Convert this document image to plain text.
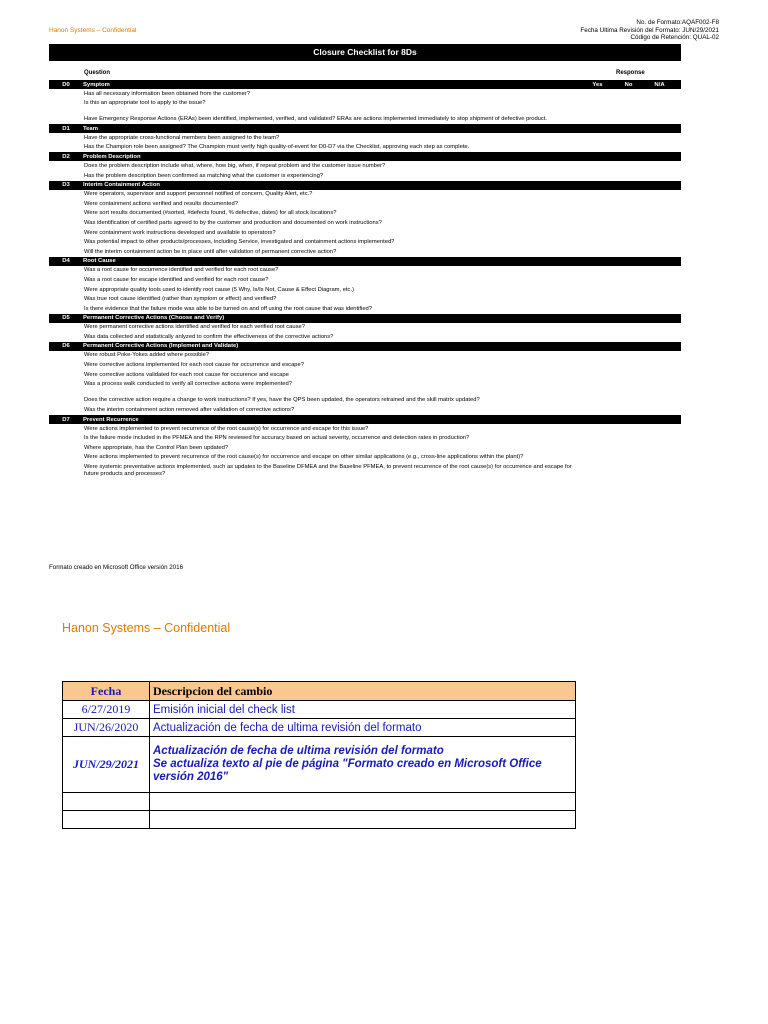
Hanon Systems – Confidential
No. de Formato:AQAF002-F8
Fecha Ultima Revisión del Formato: JUN/29/2021
Código de Retención: QUAL-02
Closure Checklist for 8Ds
Question	Response
D0	Symptom	Yes	No	N/A
Has all necessary information been obtained from the customer?
Is this an appropriate tool to apply to the issue?
Have Emergency Response Actions (ERAs) been identified, implemented, verified, and validated? ERAs are actions implemented immediately to stop shipment of defective product.
D1	Team
Have the appropriate cross-functional members been assigned to the team?
Has the Champion role been assigned? The Champion must verify high quality-of-event for D0-D7 via the Checklist, approving each step as complete.
D2	Problem Description
Does the problem description include what, where, how big, when, if repeat problem and the customer issue number?
Has the problem description been confirmed as matching what the customer is experiencing?
D3	Interim Containment Action
Were operators, supervisor and support personnel notified of concern, Quality Alert, etc.?
Were containment actions verified and results documented?
Were sort results documented (#sorted, #defects found, % defective, dates) for all stock locations?
Was identification of certified parts agreed to by the customer and production and documented on work instructions?
Were containment work instructions developed and available to operators?
Was potential impact to other products/processes, including Service, investigated and containment actions implemented?
Will the interim containment action be in place until after validation of permanent corrective action?
D4	Root Cause
Was a root cause for occurrence identified and verified for each root cause?
Was a root cause for escape identified and verified for each root cause?
Were appropriate quality tools used to identify root cause (5 Why, Is/Is Not, Cause & Effect Diagram, etc.)
Was true root cause identified (rather than symptom or effect) and verified?
Is there evidence that the failure mode was able to be turned on and off using the root cause that was identified?
D5	Permanent Corrective Actions (Choose and Verify)
Were permanent corrective actions identified and verified for each verified root cause?
Was data collected and statistically anlyzed to confirm the effectiveness of the corrective actions?
D6	Permanent Corrective Actions (Implement and Validate)
Were robust Poke-Yokes added where possible?
Were corrective actions implemented for each root cause for occurrence and escape?
Were corrective actions validated for each root cause for occurence and escape
Was a process walk conducted to verify all corrective actions were implemented?
Does the corrective action require a change to work instructions? If yes, have the QPS been updated, the operators retrained and the skill matrix updated?
Was the interim containment action removed after validation of corrective actions?
D7	Prevent Recurrence
Were actions implemented to prevent recurrence of the root cause(s) for occurrence and escape for this issue?
Is the failure mode included in the PFMEA and the RPN reviewed for accuracy based on actual severity, occurrence and detection rates in production?
Where appropriate, has the Control Plan been updated?
Were actions implemented to prevent recurrence of the root cause(s) for occurrence and escape on other similar applications (e.g., cross-line applications within the plant)?
Were systemic preventative actions implemented, such as updates to the Baseline DFMEA and the Baseline PFMEA, to prevent recurrence of the root cause(s) for occurrence and escape for future products and processes?
Formato creado en Microsoft Office versión 2016
Hanon Systems – Confidential
Fecha	Descripcion del cambio
6/27/2019	Emisión inicial del check list
JUN/26/2020	Actualización de fecha de ultima revisión del formato
JUN/29/2021	Actualización de fecha de ultima revisión del formato
Se actualiza texto al pie de página "Formato creado en Microsoft Office versión 2016"
